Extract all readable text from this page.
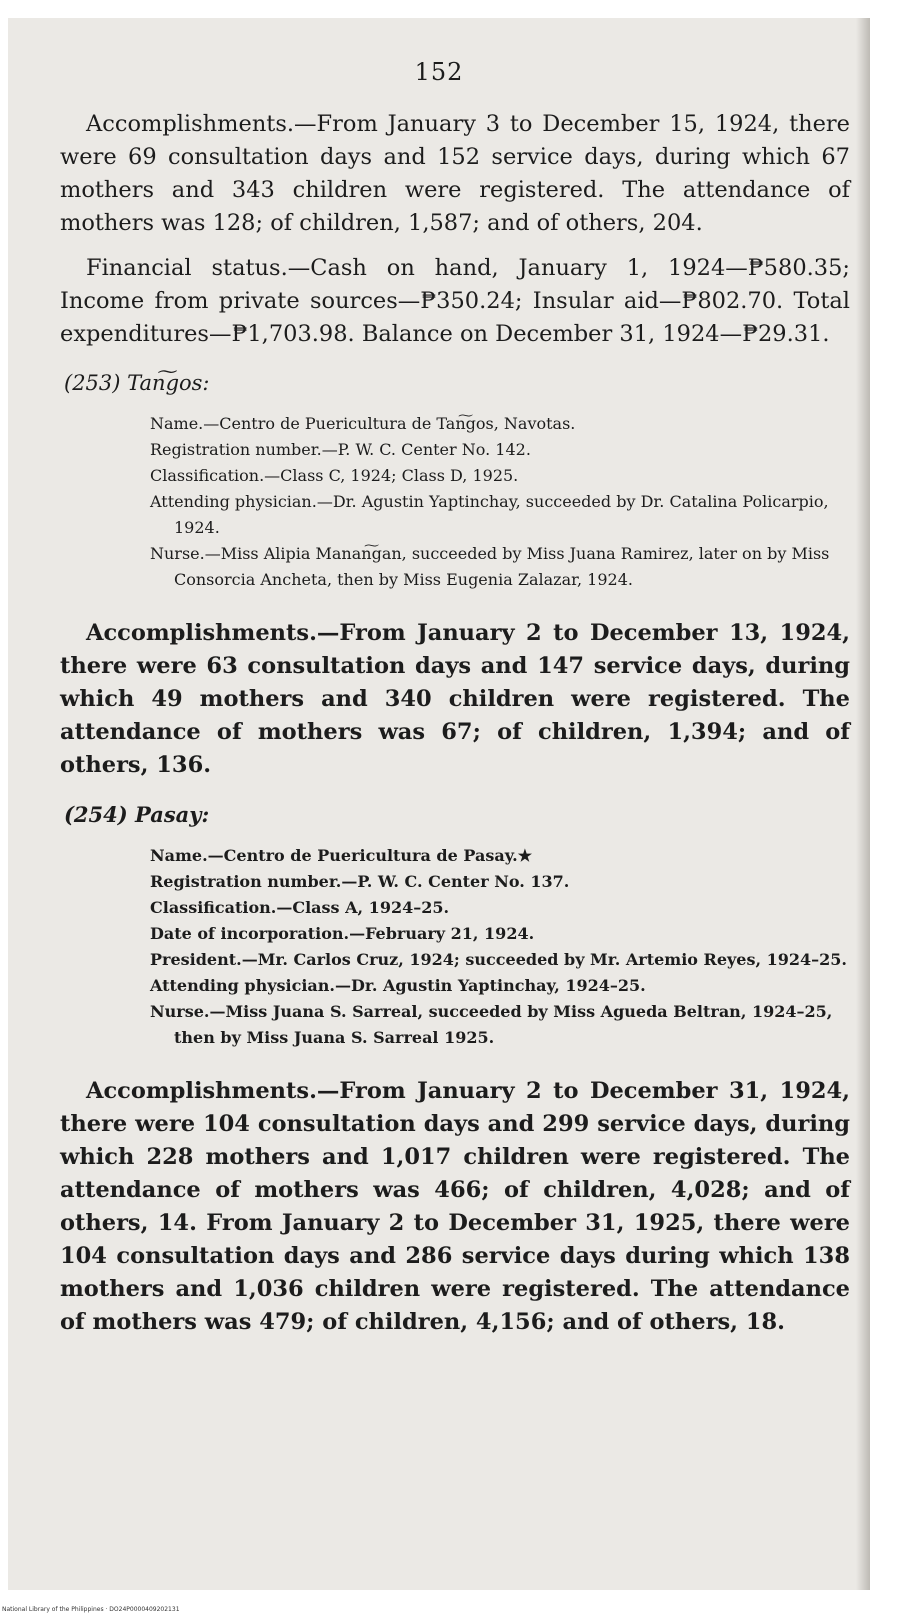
152

Accomplishments.—From January 3 to December 15, 1924, there were 69 consultation days and 152 service days, during which 67 mothers and 343 children were registered. The attendance of mothers was 128; of children, 1,587; and of others, 204.

Financial status.—Cash on hand, January 1, 1924—₱580.35; Income from private sources—₱350.24; Insular aid—₱802.70. Total expenditures—₱1,703.98. Balance on December 31, 1924—₱29.31.

(253) Tan͠gos:
Name.—Centro de Puericultura de Tan͠gos, Navotas.
Registration number.—P. W. C. Center No. 142.
Classification.—Class C, 1924; Class D, 1925.
Attending physician.—Dr. Agustin Yaptinchay, succeeded by Dr. Catalina Policarpio, 1924.
Nurse.—Miss Alipia Manan͠gan, succeeded by Miss Juana Ramirez, later on by Miss Consorcia Ancheta, then by Miss Eugenia Zalazar, 1924.

Accomplishments.—From January 2 to December 13, 1924, there were 63 consultation days and 147 service days, during which 49 mothers and 340 children were registered. The attendance of mothers was 67; of children, 1,394; and of others, 136.

(254) Pasay:
Name.—Centro de Puericultura de Pasay.★
Registration number.—P. W. C. Center No. 137.
Classification.—Class A, 1924–25.
Date of incorporation.—February 21, 1924.
President.—Mr. Carlos Cruz, 1924; succeeded by Mr. Artemio Reyes, 1924–25.
Attending physician.—Dr. Agustin Yaptinchay, 1924–25.
Nurse.—Miss Juana S. Sarreal, succeeded by Miss Agueda Beltran, 1924–25, then by Miss Juana S. Sarreal 1925.

Accomplishments.—From January 2 to December 31, 1924, there were 104 consultation days and 299 service days, during which 228 mothers and 1,017 children were registered. The attendance of mothers was 466; of children, 4,028; and of others, 14. From January 2 to December 31, 1925, there were 104 consultation days and 286 service days during which 138 mothers and 1,036 children were registered. The attendance of mothers was 479; of children, 4,156; and of others, 18.

National Library of the Philippines · DO24P0000409202131
